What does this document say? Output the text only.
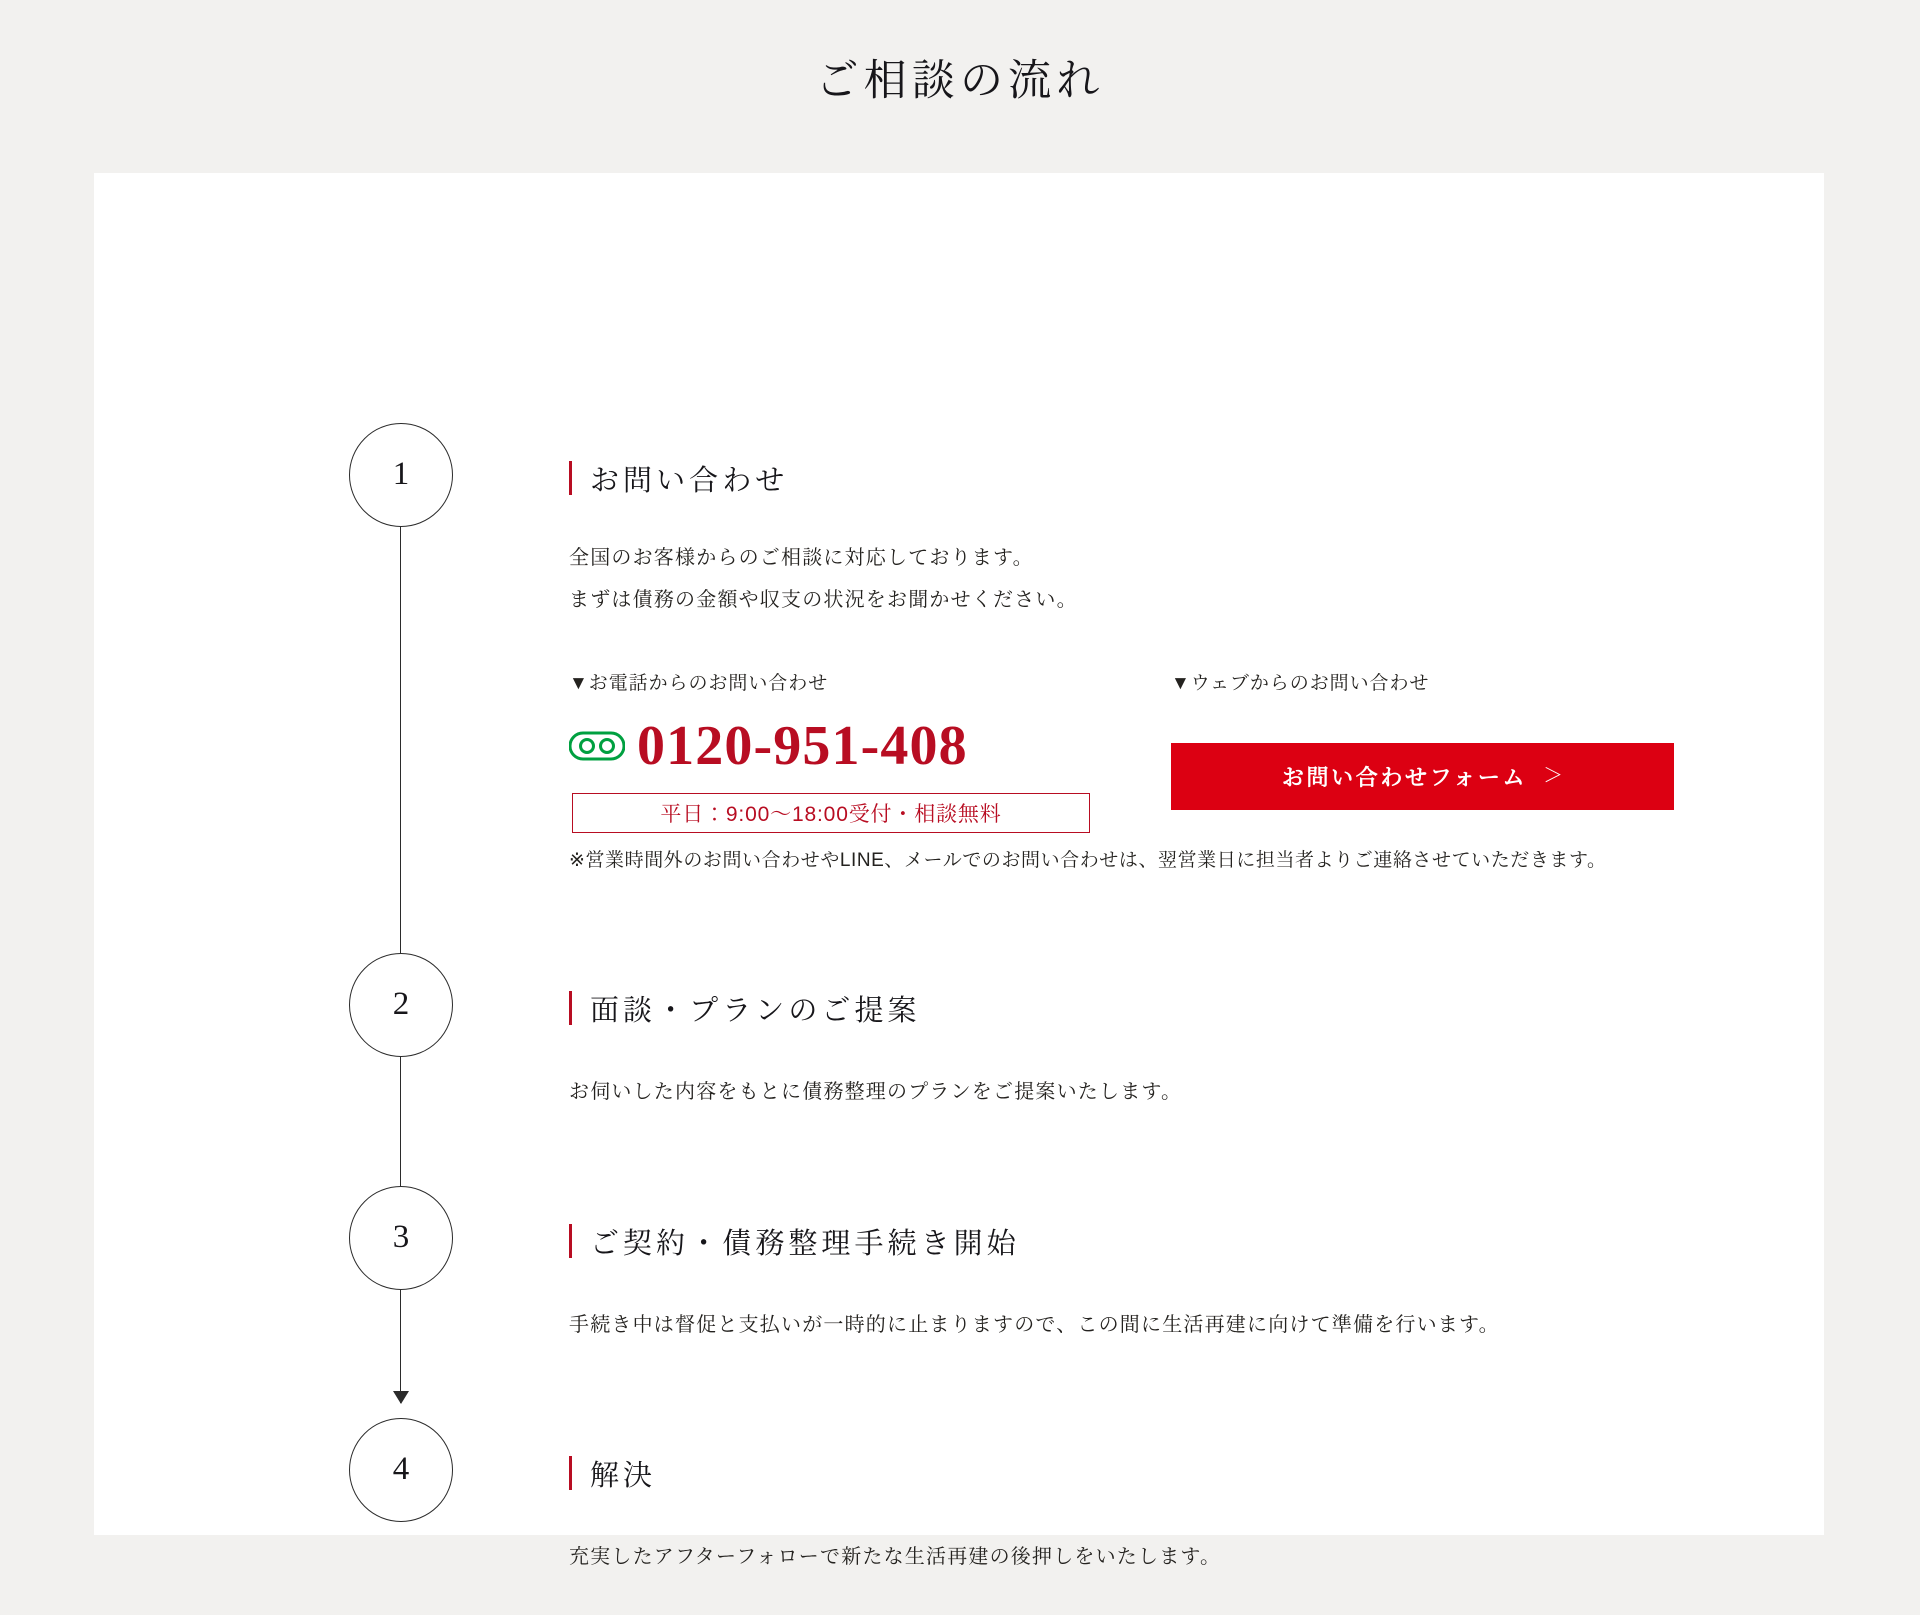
ご相談の流れ
1	お問い合わせ
全国のお客様からのご相談に対応しております。
まずは債務の金額や収支の状況をお聞かせください。
▼お電話からのお問い合わせ	▼ウェブからのお問い合わせ
0120-951-408
平日：9:00〜18:00受付・相談無料
※営業時間外のお問い合わせやLINE、メールでのお問い合わせは、翌営業日に担当者よりご連絡させていただきます。
お問い合わせフォーム ＞
2	面談・プランのご提案
お伺いした内容をもとに債務整理のプランをご提案いたします。
3	ご契約・債務整理手続き開始
手続き中は督促と支払いが一時的に止まりますので、この間に生活再建に向けて準備を行います。
4	解決
充実したアフターフォローで新たな生活再建の後押しをいたします。
